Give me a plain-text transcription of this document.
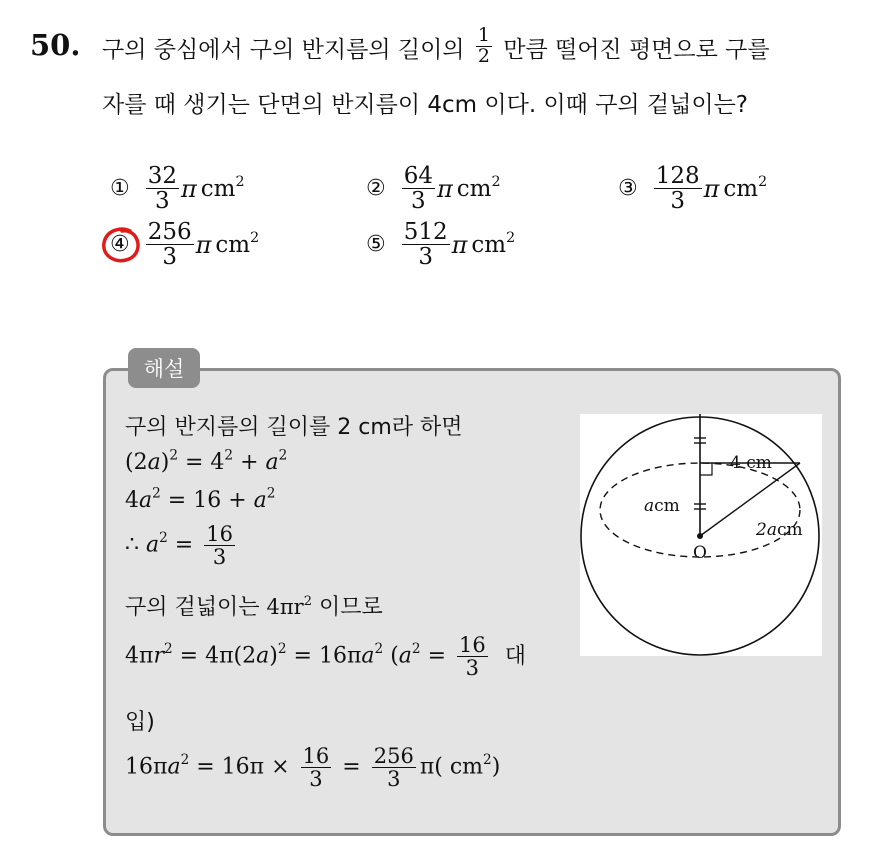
50. 구의 중심에서 구의 반지름의 길이의 $\frac{1}{2}$ 만큼 떨어진 평면으로 구를
자를 때 생기는 단면의 반지름이 4cm 이다. 이때 구의 겉넓이는?
① $\frac{32}{3}$ π $cm^2$	② $\frac{64}{3}$ π $cm^2$	③ $\frac{128}{3}$ π $cm^2$
④ $\frac{256}{3}$ π $cm^2$	⑤ $\frac{512}{3}$ π $cm^2$
해설
구의 반지름의 길이를 2 cm라 하면
$(2a)^2 = 4^2 + a^2$
$4a^2 = 16 + a^2$
∴ $a^2 = \frac{16}{3}$
구의 겉넓이는 $4\pi r^2$ 이므로
$4\pi r^2 = 4\pi(2a)^2 = 16\pi a^2$ ($a^2 = \frac{16}{3}$ 대
입)
$16\pi a^2 = 16\pi \times \frac{16}{3} = \frac{256}{3} \pi$( $cm^2$)
4 cm
acm
2acm
O
